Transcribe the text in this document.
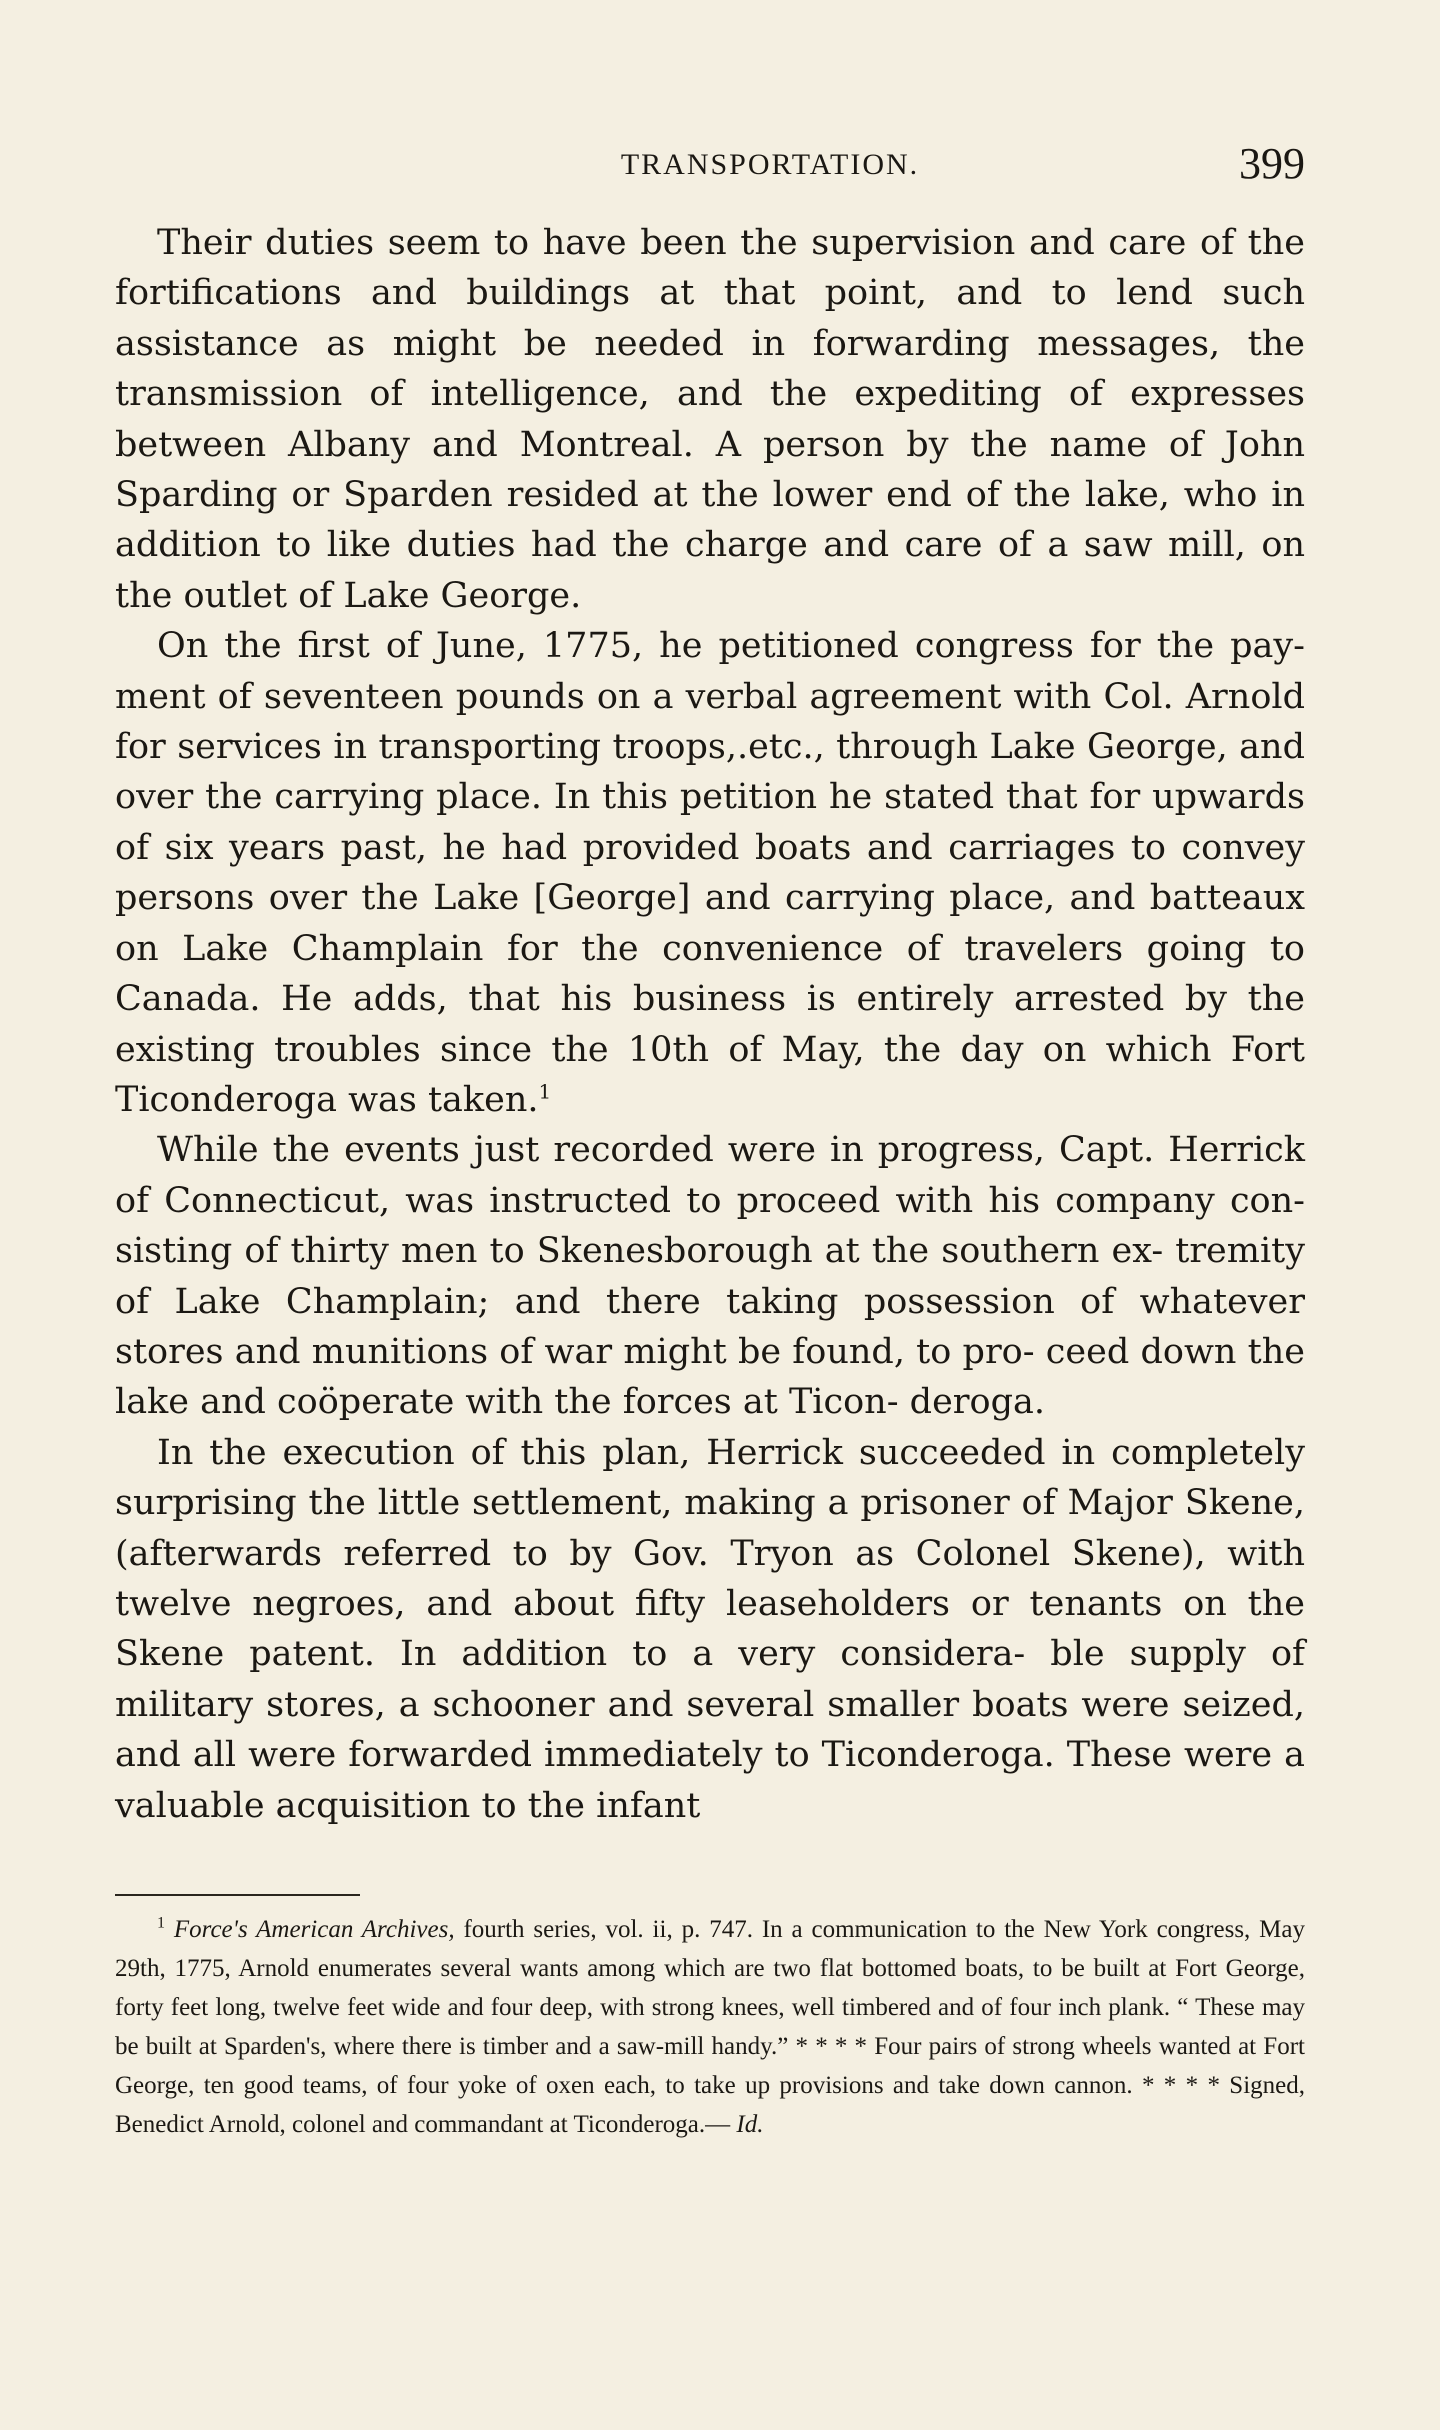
TRANSPORTATION.	399

Their duties seem to have been the supervision and care of the fortifications and buildings at that point, and to lend such assistance as might be needed in forwarding messages, the transmission of intelligence, and the expediting of expresses between Albany and Montreal. A person by the name of John Sparding or Sparden resided at the lower end of the lake, who in addition to like duties had the charge and care of a saw mill, on the outlet of Lake George.

On the first of June, 1775, he petitioned congress for the pay- ment of seventeen pounds on a verbal agreement with Col. Arnold for services in transporting troops,.etc., through Lake George, and over the carrying place. In this petition he stated that for upwards of six years past, he had provided boats and carriages to convey persons over the Lake [George] and carrying place, and batteaux on Lake Champlain for the convenience of travelers going to Canada. He adds, that his business is entirely arrested by the existing troubles since the 10th of May, the day on which Fort Ticonderoga was taken.$^1$

While the events just recorded were in progress, Capt. Herrick of Connecticut, was instructed to proceed with his company con- sisting of thirty men to Skenesborough at the southern ex- tremity of Lake Champlain; and there taking possession of whatever stores and munitions of war might be found, to pro- ceed down the lake and coöperate with the forces at Ticon- deroga.

In the execution of this plan, Herrick succeeded in completely surprising the little settlement, making a prisoner of Major Skene, (afterwards referred to by Gov. Tryon as Colonel Skene), with twelve negroes, and about fifty leaseholders or tenants on the Skene patent. In addition to a very considera- ble supply of military stores, a schooner and several smaller boats were seized, and all were forwarded immediately to Ticonderoga. These were a valuable acquisition to the infant

$^1$ Force's American Archives, fourth series, vol. ii, p. 747. In a communication to the New York congress, May 29th, 1775, Arnold enumerates several wants among which are two flat bottomed boats, to be built at Fort George, forty feet long, twelve feet wide and four deep, with strong knees, well timbered and of four inch plank. “ These may be built at Sparden's, where there is timber and a saw-mill handy.” * * * * Four pairs of strong wheels wanted at Fort George, ten good teams, of four yoke of oxen each, to take up provisions and take down cannon. * * * * Signed, Benedict Arnold, colonel and commandant at Ticonderoga.— Id.
